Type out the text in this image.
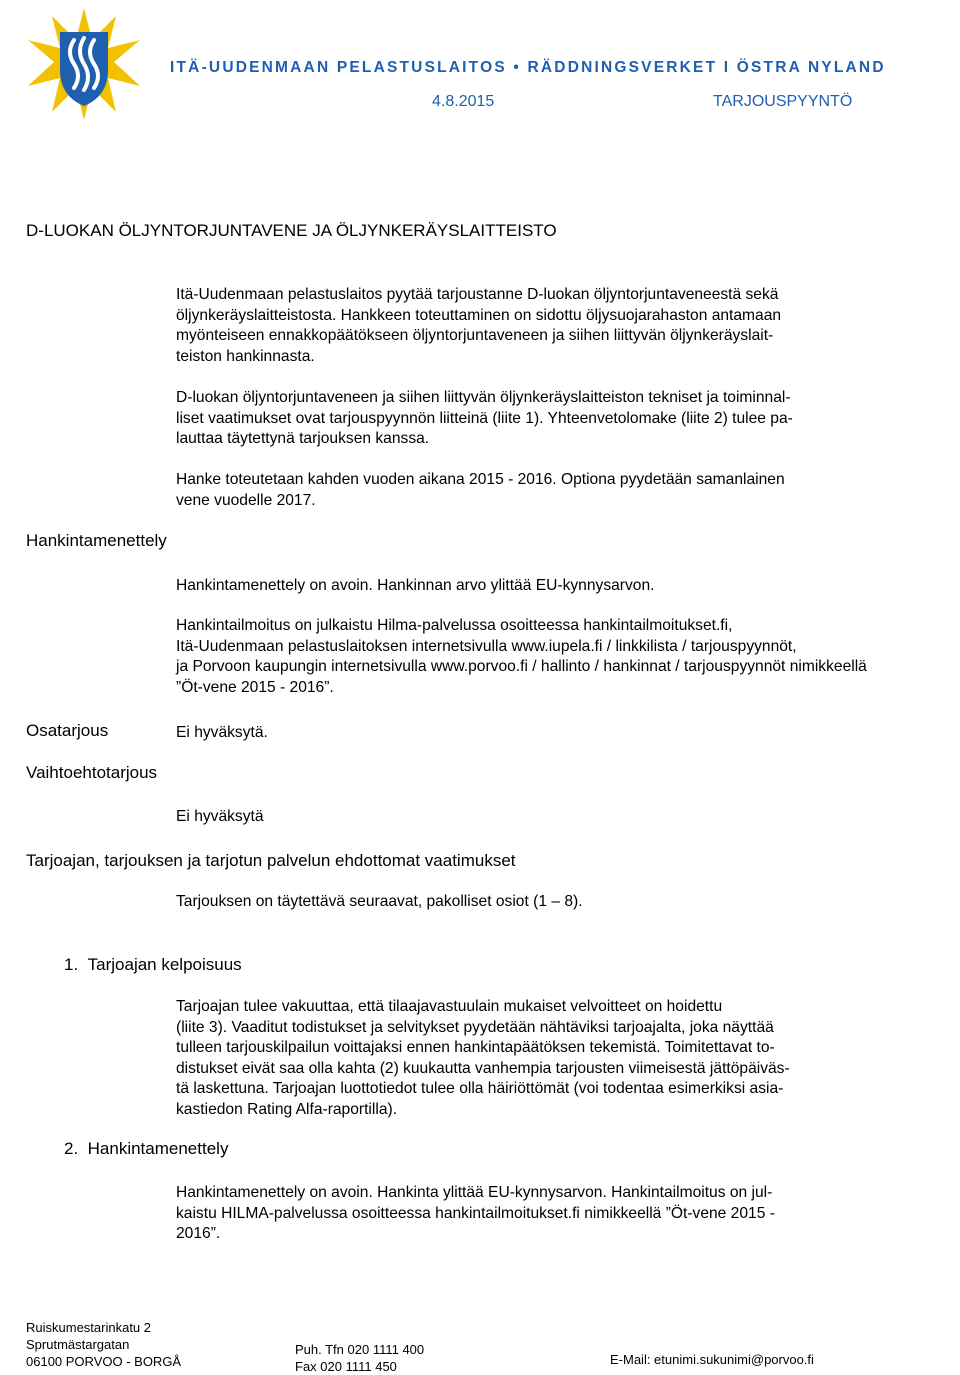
ITÄ-UUDENMAAN PELASTUSLAITOS • RÄDDNINGSVERKET I ÖSTRA NYLAND
4.8.2015	TARJOUSPYYNTÖ
D-LUOKAN ÖLJYNTORJUNTAVENE JA ÖLJYNKERÄYSLAITTEISTO
Itä-Uudenmaan pelastuslaitos pyytää tarjoustanne D-luokan öljyntorjuntaveneestä sekä
öljynkeräyslaitteistosta. Hankkeen toteuttaminen on sidottu öljysuojarahaston antamaan
myönteiseen ennakkopäätökseen öljyntorjuntaveneen ja siihen liittyvän öljynkeräyslait-
teiston hankinnasta.
D-luokan öljyntorjuntaveneen ja siihen liittyvän öljynkeräyslaitteiston tekniset ja toiminnal-
liset vaatimukset ovat tarjouspyynnön liitteinä (liite 1). Yhteenvetolomake (liite 2) tulee pa-
lauttaa täytettynä tarjouksen kanssa.
Hanke toteutetaan kahden vuoden aikana 2015 - 2016. Optiona pyydetään samanlainen
vene vuodelle 2017.
Hankintamenettely
Hankintamenettely on avoin. Hankinnan arvo ylittää EU-kynnysarvon.
Hankintailmoitus on julkaistu Hilma-palvelussa osoitteessa hankintailmoitukset.fi,
Itä-Uudenmaan pelastuslaitoksen internetsivulla www.iupela.fi / linkkilista / tarjouspyynnöt,
ja Porvoon kaupungin internetsivulla www.porvoo.fi / hallinto / hankinnat / tarjouspyynnöt nimikkeellä
”Öt-vene 2015 - 2016”.
Osatarjous	Ei hyväksytä.
Vaihtoehtotarjous
Ei hyväksytä
Tarjoajan, tarjouksen ja tarjotun palvelun ehdottomat vaatimukset
Tarjouksen on täytettävä seuraavat, pakolliset osiot (1 – 8).
1. Tarjoajan kelpoisuus
Tarjoajan tulee vakuuttaa, että tilaajavastuulain mukaiset velvoitteet on hoidettu
(liite 3). Vaaditut todistukset ja selvitykset pyydetään nähtäviksi tarjoajalta, joka näyttää
tulleen tarjouskilpailun voittajaksi ennen hankintapäätöksen tekemistä. Toimitettavat to-
distukset eivät saa olla kahta (2) kuukautta vanhempia tarjousten viimeisestä jättöpäiväs-
tä laskettuna. Tarjoajan luottotiedot tulee olla häiriöttömät (voi todentaa esimerkiksi asia-
kastiedon Rating Alfa-raportilla).
2. Hankintamenettely
Hankintamenettely on avoin. Hankinta ylittää EU-kynnysarvon. Hankintailmoitus on jul-
kaistu HILMA-palvelussa osoitteessa hankintailmoitukset.fi nimikkeellä ”Öt-vene 2015 -
2016”.
Ruiskumestarinkatu 2
Sprutmästargatan
06100 PORVOO - BORGÅ
Puh. Tfn 020 1111 400
Fax 020 1111 450	E-Mail: etunimi.sukunimi@porvoo.fi
